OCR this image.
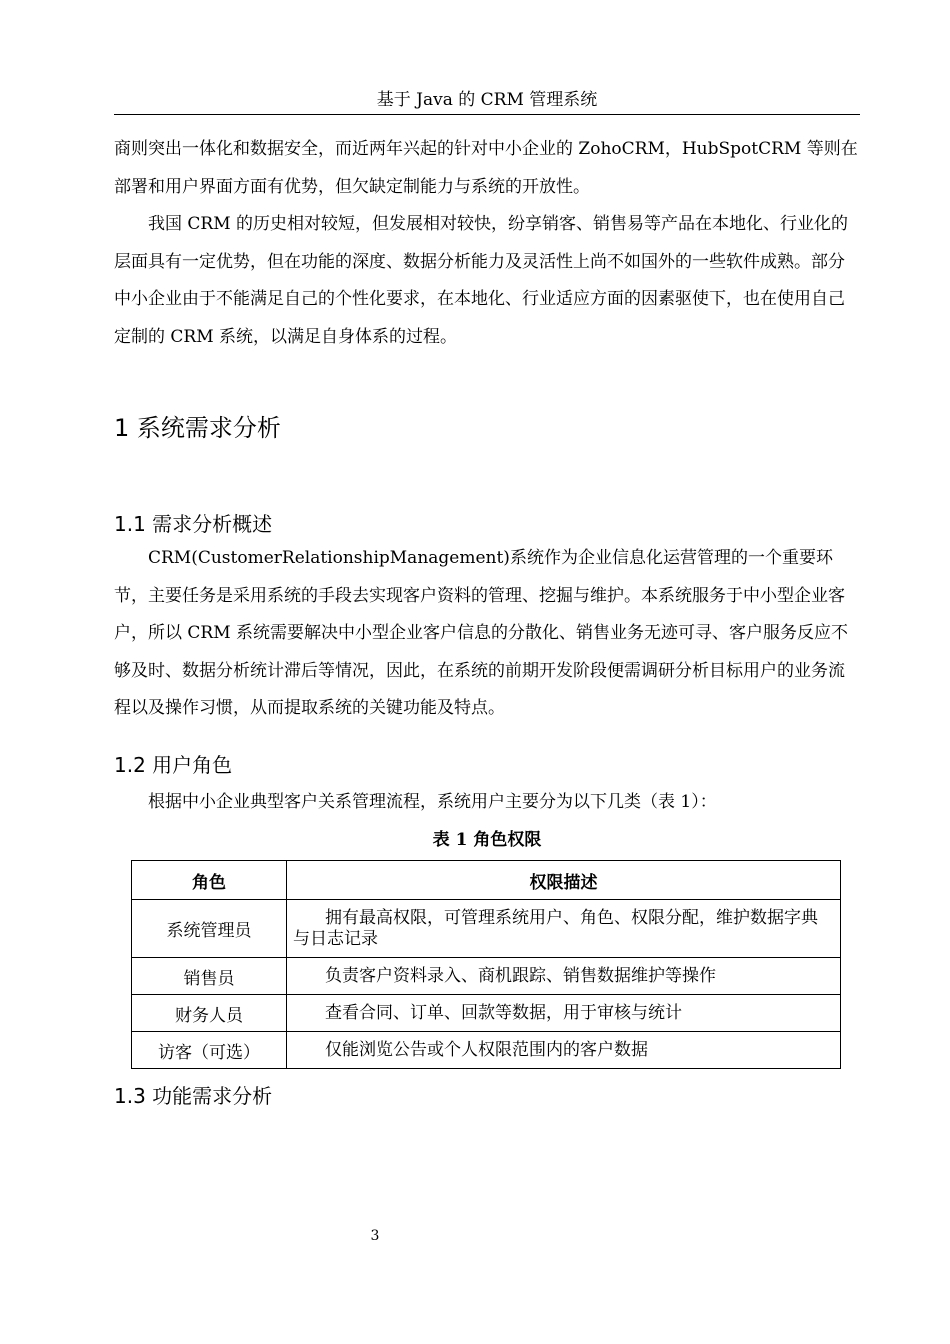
基于 Java 的 CRM 管理系统

商则突出一体化和数据安全，而近两年兴起的针对中小企业的 ZohoCRM，HubSpotCRM 等则在部署和用户界面方面有优势，但欠缺定制能力与系统的开放性。

我国 CRM 的历史相对较短，但发展相对较快，纷享销客、销售易等产品在本地化、行业化的层面具有一定优势，但在功能的深度、数据分析能力及灵活性上尚不如国外的一些软件成熟。部分中小企业由于不能满足自己的个性化要求，在本地化、行业适应方面的因素驱使下，也在使用自己定制的 CRM 系统，以满足自身体系的过程。

1 系统需求分析
1.1 需求分析概述

CRM(CustomerRelationshipManagement)系统作为企业信息化运营管理的一个重要环节，主要任务是采用系统的手段去实现客户资料的管理、挖掘与维护。本系统服务于中小型企业客户，所以 CRM 系统需要解决中小型企业客户信息的分散化、销售业务无迹可寻、客户服务反应不够及时、数据分析统计滞后等情况，因此，在系统的前期开发阶段便需调研分析目标用户的业务流程以及操作习惯，从而提取系统的关键功能及特点。

1.2 用户角色

根据中小企业典型客户关系管理流程，系统用户主要分为以下几类（表 1）：

表 1 角色权限
角色	权限描述
系统管理员	拥有最高权限，可管理系统用户、角色、权限分配，维护数据字典与日志记录
销售员	负责客户资料录入、商机跟踪、销售数据维护等操作
财务人员	查看合同、订单、回款等数据，用于审核与统计
访客（可选）	仅能浏览公告或个人权限范围内的客户数据
1.3 功能需求分析
3
